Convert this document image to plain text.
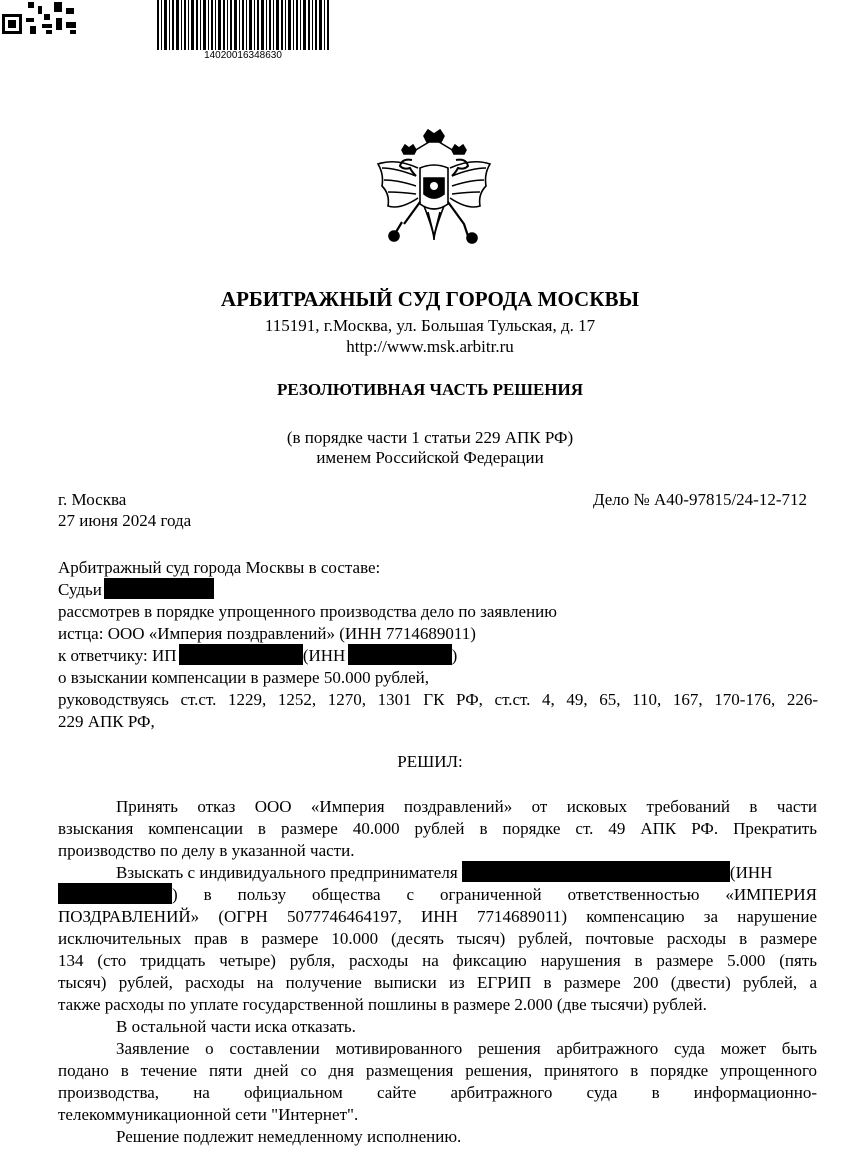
14020016348630
АРБИТРАЖНЫЙ СУД ГОРОДА МОСКВЫ
115191, г.Москва, ул. Большая Тульская, д. 17
http://www.msk.arbitr.ru
РЕЗОЛЮТИВНАЯ ЧАСТЬ РЕШЕНИЯ
(в порядке части 1 статьи 229 АПК РФ)
именем Российской Федерации
г. Москва
27 июня 2024 года
Дело № А40-97815/24-12-712
Арбитражный суд города Москвы в составе:
Судьи
рассмотрев в порядке упрощенного производства дело по заявлению
истца: ООО «Империя поздравлений» (ИНН 7714689011)
к ответчику: ИП	(ИНН	)
о взыскании компенсации в размере 50.000 рублей,
руководствуясь ст.ст. 1229, 1252, 1270, 1301 ГК РФ, ст.ст. 4, 49, 65, 110, 167, 170-176, 226-
229 АПК РФ,
РЕШИЛ:
Принять отказ ООО «Империя поздравлений» от исковых требований в части
взыскания компенсации в размере 40.000 рублей в порядке ст. 49 АПК РФ. Прекратить
производство по делу в указанной части.
Взыскать с индивидуального предпринимателя	(ИНН
) в пользу общества с ограниченной ответственностью «ИМПЕРИЯ
ПОЗДРАВЛЕНИЙ» (ОГРН 5077746464197, ИНН 7714689011) компенсацию за нарушение
исключительных прав в размере 10.000 (десять тысяч) рублей, почтовые расходы в размере
134 (сто тридцать четыре) рубля, расходы на фиксацию нарушения в размере 5.000 (пять
тысяч) рублей, расходы на получение выписки из ЕГРИП в размере 200 (двести) рублей, а
также расходы по уплате государственной пошлины в размере 2.000 (две тысячи) рублей.
В остальной части иска отказать.
Заявление о составлении мотивированного решения арбитражного суда может быть
подано в течение пяти дней со дня размещения решения, принятого в порядке упрощенного
производства, на официальном сайте арбитражного суда в информационно-
телекоммуникационной сети "Интернет".
Решение подлежит немедленному исполнению.
